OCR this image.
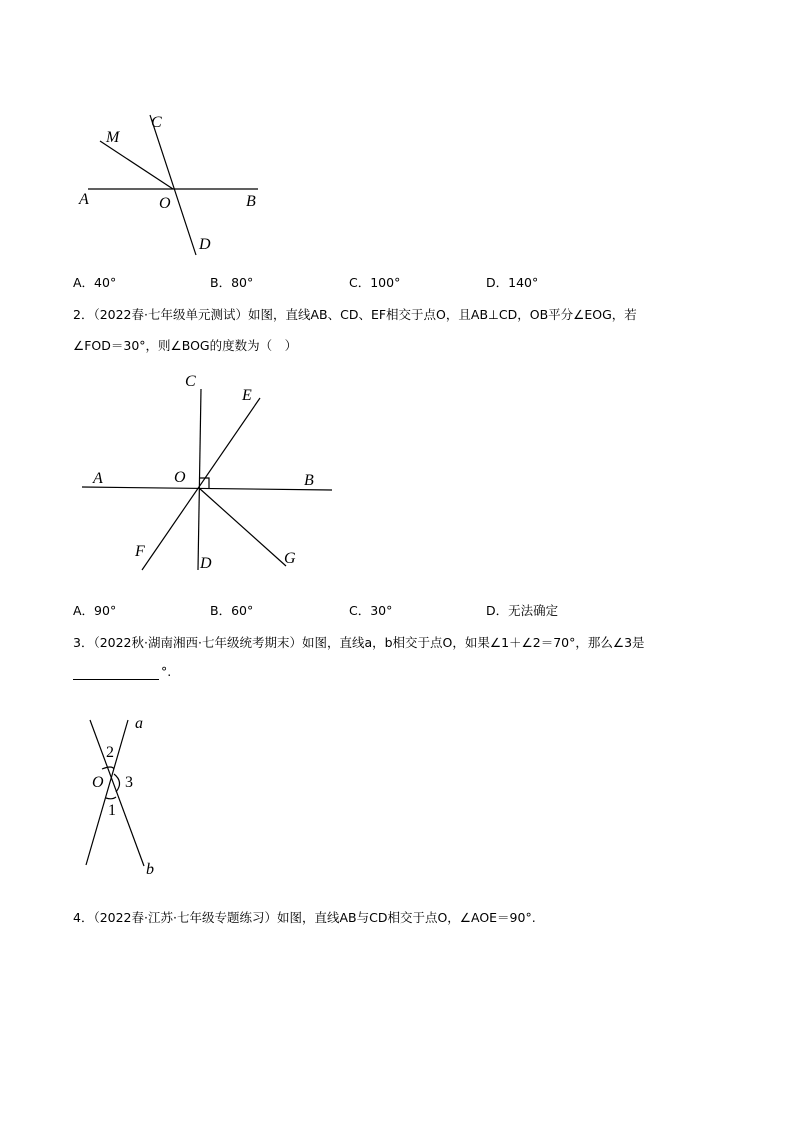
M
C
A	O	B
D
A．40°	B．80°	C．100°	D．140°
2．（2022春·七年级单元测试）如图，直线AB、CD、EF相交于点O，且AB⊥CD，OB平分∠EOG，若
∠FOD＝30°，则∠BOG的度数为（　）
C
E
A	O	B
F
D	G
A．90°	B．60°	C．30°	D．无法确定
3．（2022秋·湖南湘西·七年级统考期末）如图，直线a，b相交于点O，如果∠1＋∠2＝70°，那么∠3是
°.
a
2
O 3
1
b
4．（2022春·江苏·七年级专题练习）如图，直线AB与CD相交于点O，∠AOE＝90°.
